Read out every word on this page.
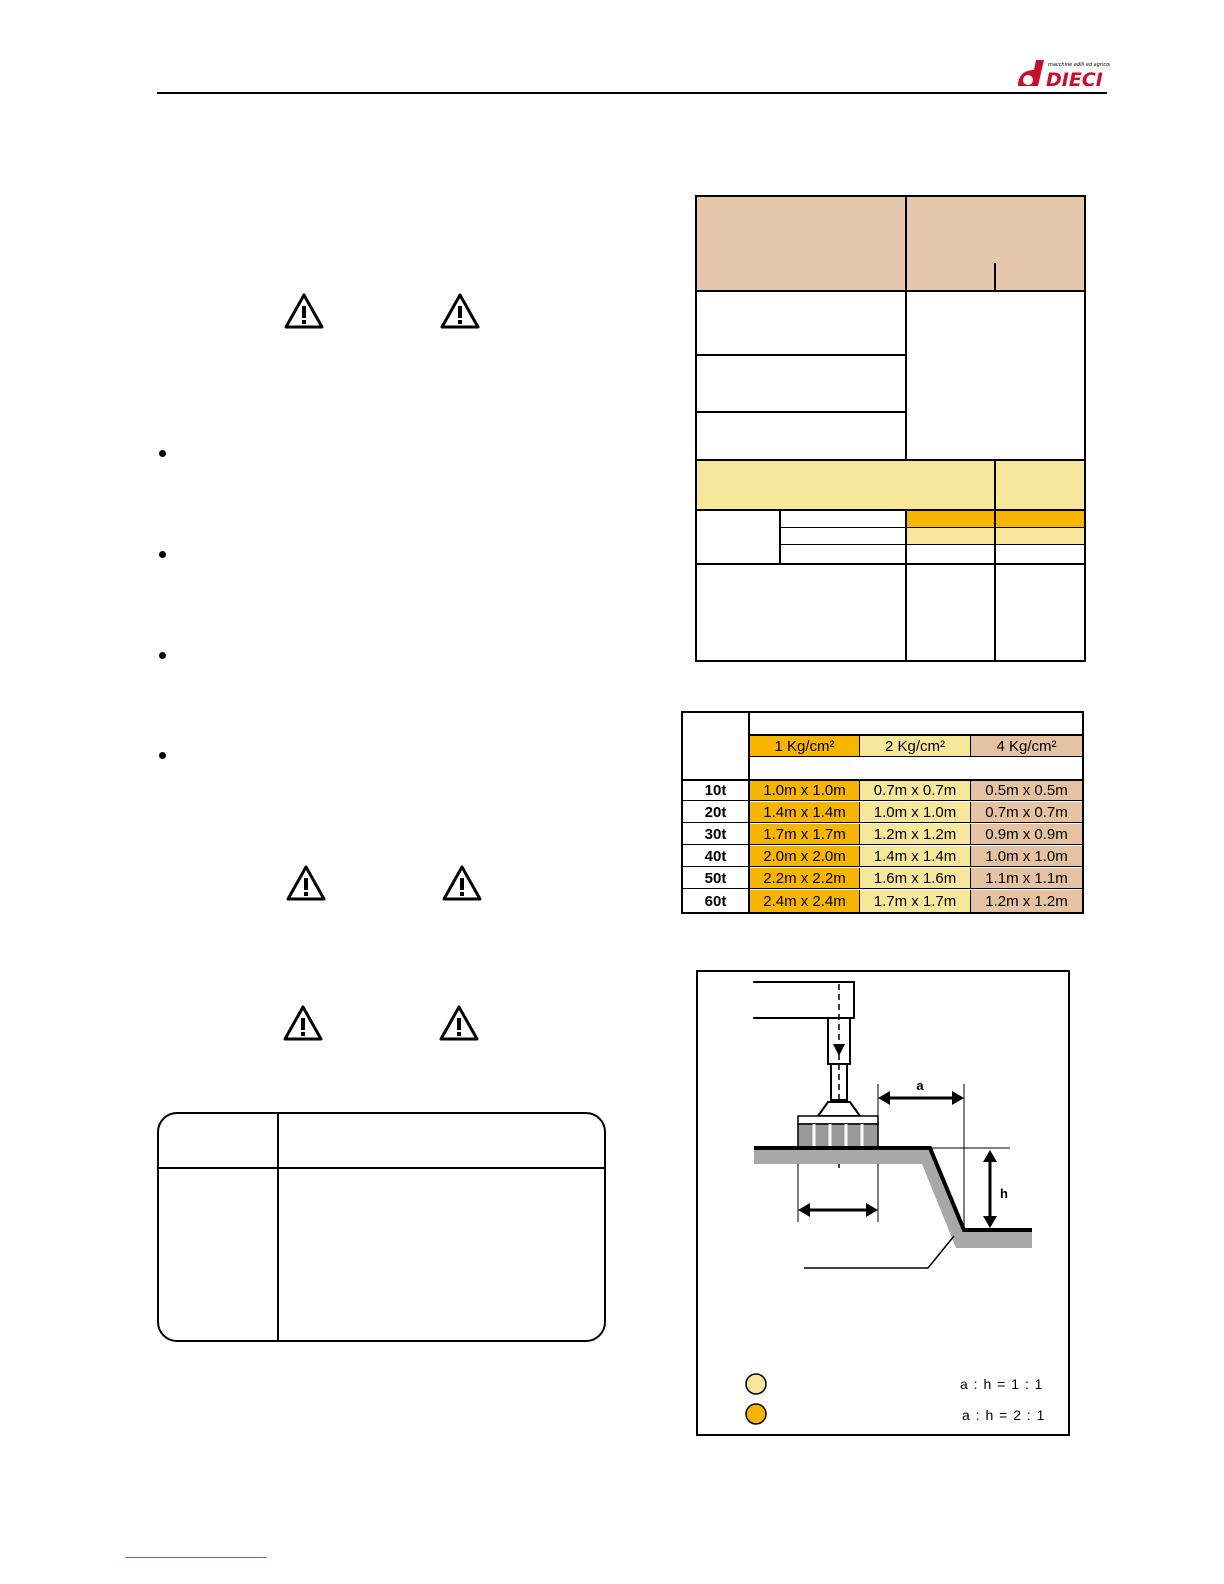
DIECI
macchine edili ed agricole
1 Kg/cm²	2 Kg/cm²	4 Kg/cm²
10t	1.0m x 1.0m	0.7m x 0.7m	0.5m x 0.5m
20t	1.4m x 1.4m	1.0m x 1.0m	0.7m x 0.7m
30t	1.7m x 1.7m	1.2m x 1.2m	0.9m x 0.9m
40t	2.0m x 2.0m	1.4m x 1.4m	1.0m x 1.0m
50t	2.2m x 2.2m	1.6m x 1.6m	1.1m x 1.1m
60t	2.4m x 2.4m	1.7m x 1.7m	1.2m x 1.2m
a
h
a : h = 1 : 1
a : h = 2 : 1
